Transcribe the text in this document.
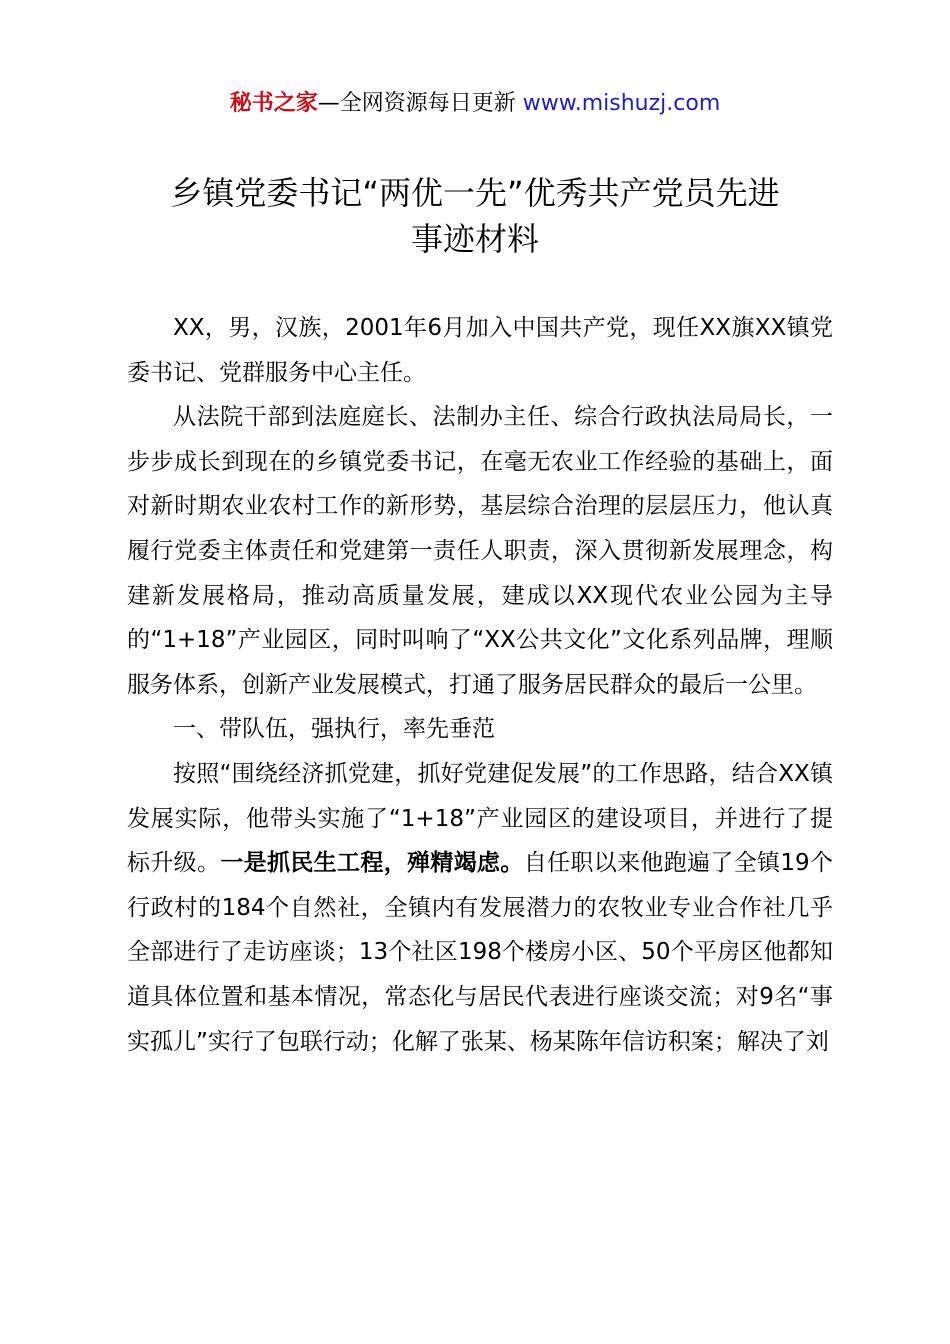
秘书之家—全网资源每日更新 www.mishuzj.com
乡镇党委书记“两优一先”优秀共产党员先进
事迹材料

XX，男，汉族，2001年6月加入中国共产党，现任XX旗XX镇党委书记、党群服务中心主任。

从法院干部到法庭庭长、法制办主任、综合行政执法局局长，一步步成长到现在的乡镇党委书记，在毫无农业工作经验的基础上，面对新时期农业农村工作的新形势，基层综合治理的层层压力，他认真履行党委主体责任和党建第一责任人职责，深入贯彻新发展理念，构建新发展格局，推动高质量发展，建成以XX现代农业公园为主导的“1+18”产业园区，同时叫响了“XX公共文化”文化系列品牌，理顺服务体系，创新产业发展模式，打通了服务居民群众的最后一公里。

一、带队伍，强执行，率先垂范

按照“围绕经济抓党建，抓好党建促发展”的工作思路，结合XX镇发展实际，他带头实施了“1+18”产业园区的建设项目，并进行了提标升级。一是抓民生工程，殚精竭虑。自任职以来他跑遍了全镇19个行政村的184个自然社，全镇内有发展潜力的农牧业专业合作社几乎全部进行了走访座谈；13个社区198个楼房小区、50个平房区他都知道具体位置和基本情况，常态化与居民代表进行座谈交流；对9名“事实孤儿”实行了包联行动；化解了张某、杨某陈年信访积案；解决了刘
